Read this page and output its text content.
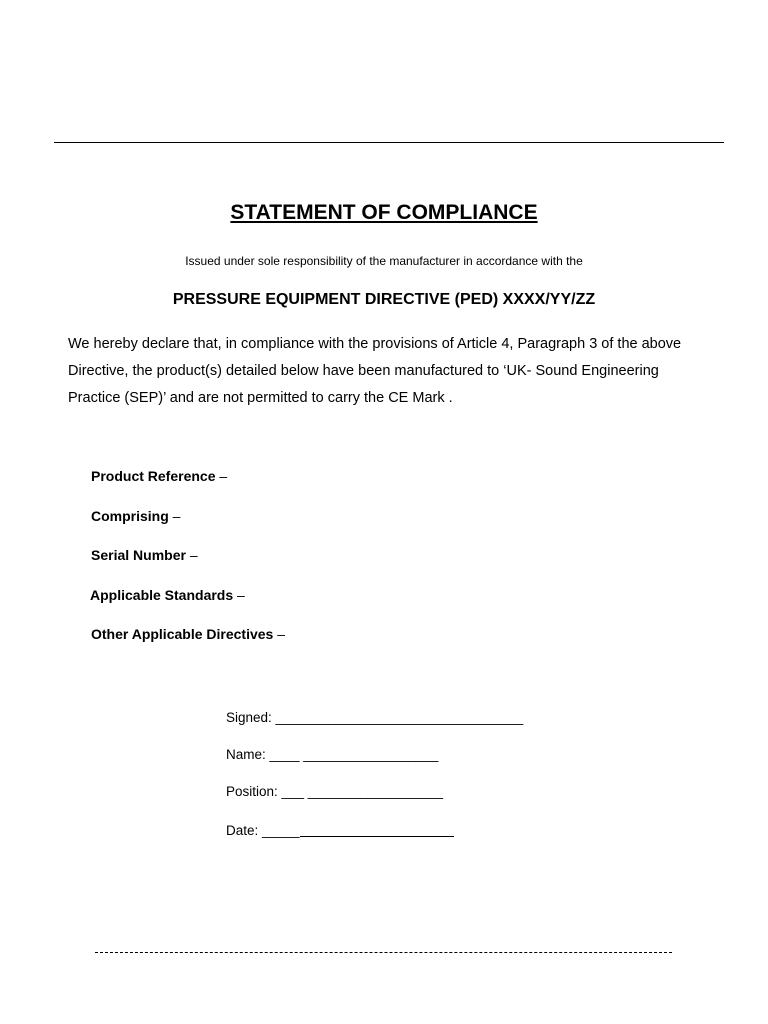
STATEMENT OF COMPLIANCE

Issued under sole responsibility of the manufacturer in accordance with the

PRESSURE EQUIPMENT DIRECTIVE (PED) XXXX/YY/ZZ

We hereby declare that, in compliance with the provisions of Article 4, Paragraph 3 of the above Directive, the product(s) detailed below have been manufactured to ‘UK- Sound Engineering Practice (SEP)’ and are not permitted to carry the CE Mark .

Product Reference –

Comprising –

Serial Number –

Applicable Standards –

Other Applicable Directives –

Signed: _________________________________

Name: ____ __________________

Position: ___ __________________

Date: _____
